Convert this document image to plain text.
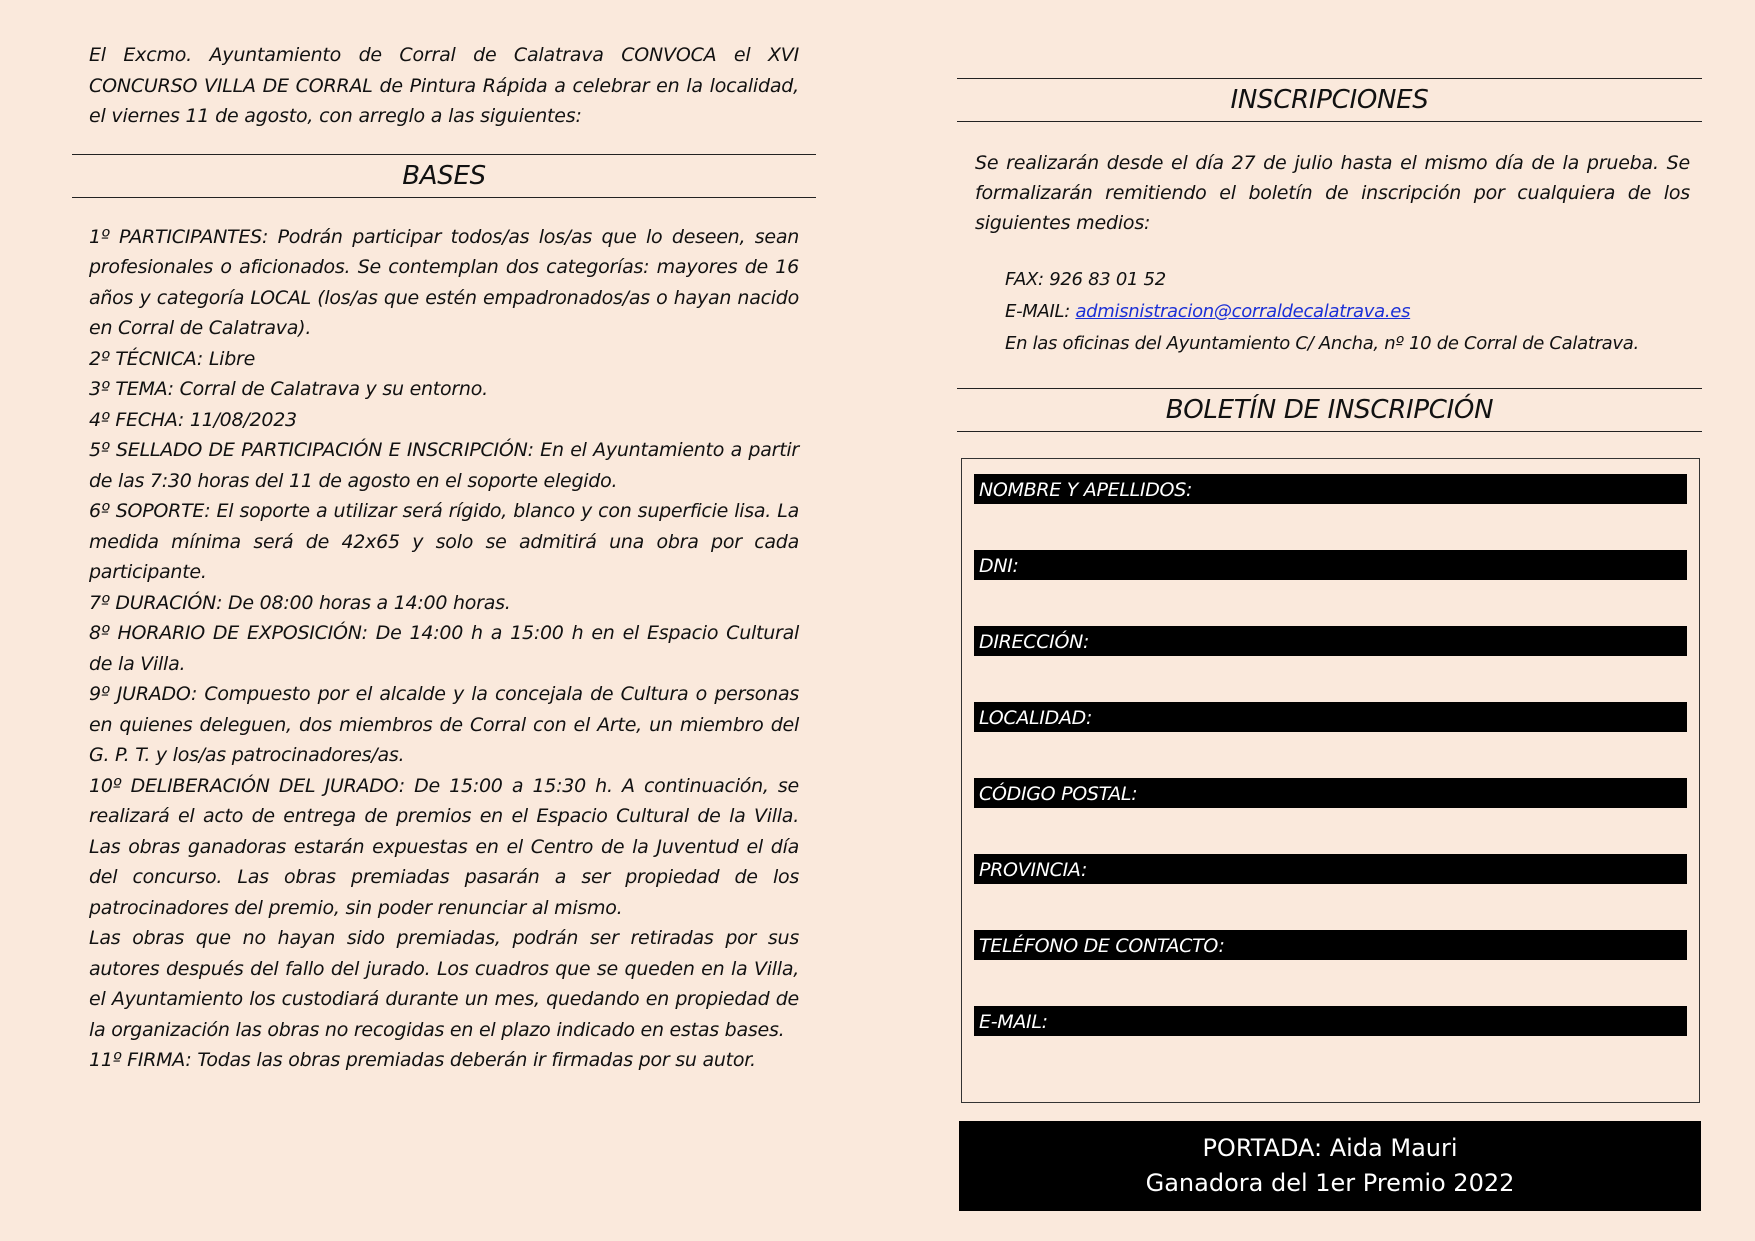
El Excmo. Ayuntamiento de Corral de Calatrava CONVOCA el XVI CONCURSO VILLA DE CORRAL de Pintura Rápida a celebrar en la localidad, el viernes 11 de agosto, con arreglo a las siguientes:

BASES

1º PARTICIPANTES: Podrán participar todos/as los/as que lo deseen, sean profesionales o aficionados. Se contemplan dos categorías: mayores de 16 años y categoría LOCAL (los/as que estén empadronados/as o hayan nacido en Corral de Calatrava).

2º TÉCNICA: Libre

3º TEMA: Corral de Calatrava y su entorno.

4º FECHA: 11/08/2023

5º SELLADO DE PARTICIPACIÓN E INSCRIPCIÓN: En el Ayuntamiento a partir de las 7:30 horas del 11 de agosto en el soporte elegido.

6º SOPORTE: El soporte a utilizar será rígido, blanco y con superficie lisa. La medida mínima será de 42x65 y solo se admitirá una obra por cada participante.

7º DURACIÓN: De 08:00 horas a 14:00 horas.

8º HORARIO DE EXPOSICIÓN: De 14:00 h a 15:00 h en el Espacio Cultural de la Villa.

9º JURADO: Compuesto por el alcalde y la concejala de Cultura o personas en quienes deleguen, dos miembros de Corral con el Arte, un miembro del G. P. T. y los/as patrocinadores/as.

10º DELIBERACIÓN DEL JURADO: De 15:00 a 15:30 h. A continuación, se realizará el acto de entrega de premios en el Espacio Cultural de la Villa. Las obras ganadoras estarán expuestas en el Centro de la Juventud el día del concurso. Las obras premiadas pasarán a ser propiedad de los patrocinadores del premio, sin poder renunciar al mismo.

Las obras que no hayan sido premiadas, podrán ser retiradas por sus autores después del fallo del jurado. Los cuadros que se queden en la Villa, el Ayuntamiento los custodiará durante un mes, quedando en propiedad de la organización las obras no recogidas en el plazo indicado en estas bases.

11º FIRMA: Todas las obras premiadas deberán ir firmadas por su autor.

INSCRIPCIONES

Se realizarán desde el día 27 de julio hasta el mismo día de la prueba. Se formalizarán remitiendo el boletín de inscripción por cualquiera de los siguientes medios:

FAX: 926 83 01 52
E-MAIL: admisnistracion@corraldecalatrava.es
En las oficinas del Ayuntamiento C/ Ancha, nº 10 de Corral de Calatrava.
BOLETÍN DE INSCRIPCIÓN
NOMBRE Y APELLIDOS:
DNI:
DIRECCIÓN:
LOCALIDAD:
CÓDIGO POSTAL:
PROVINCIA:
TELÉFONO DE CONTACTO:
E-MAIL:
PORTADA: Aida Mauri
Ganadora del 1er Premio 2022
